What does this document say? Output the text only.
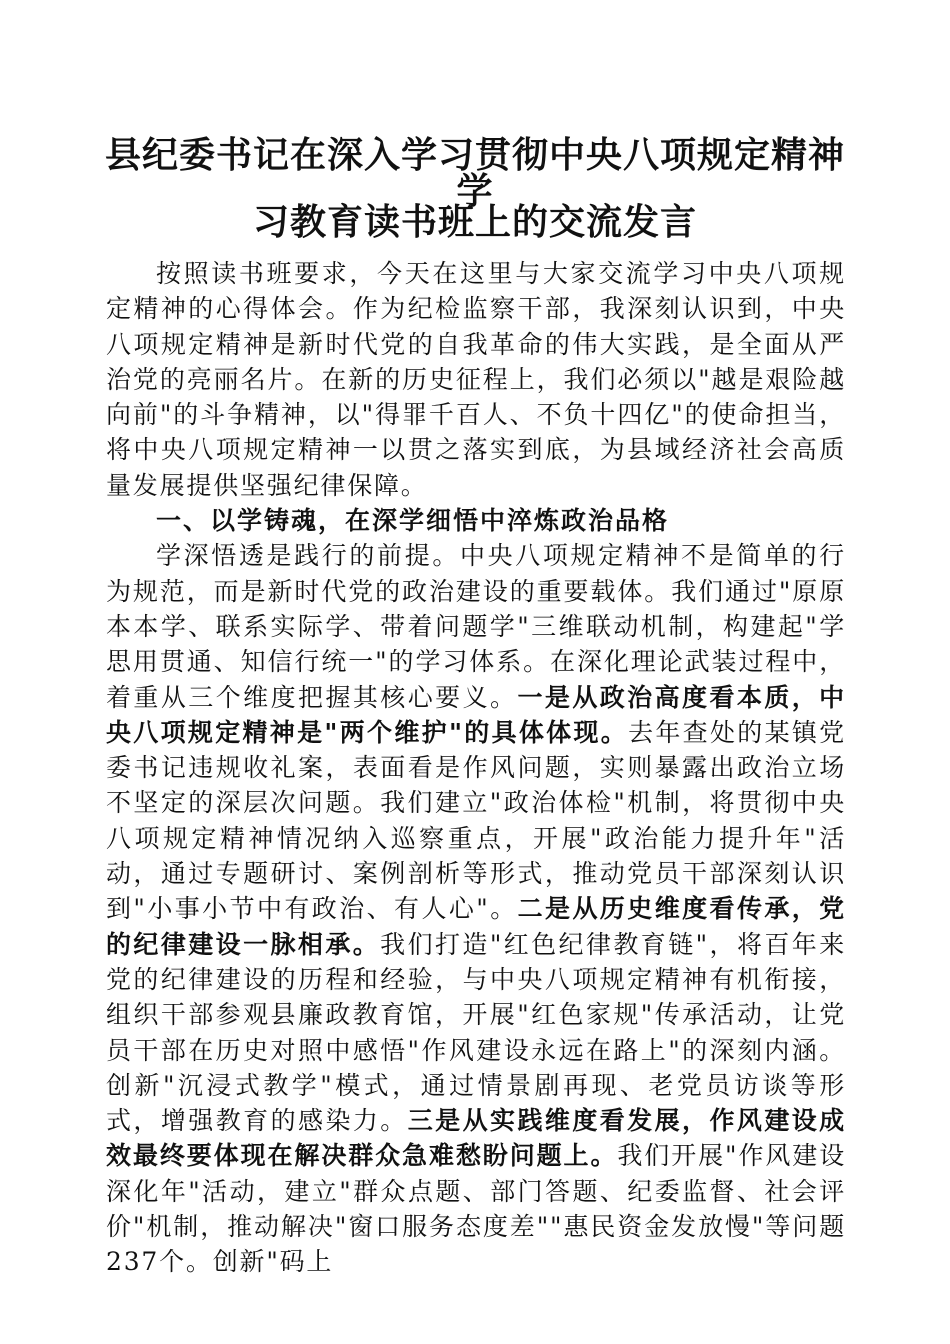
县纪委书记在深入学习贯彻中央八项规定精神学
习教育读书班上的交流发言

按照读书班要求，今天在这里与大家交流学习中央八项规定精神的心得体会。作为纪检监察干部，我深刻认识到，中央八项规定精神是新时代党的自我革命的伟大实践，是全面从严治党的亮丽名片。在新的历史征程上，我们必须以"越是艰险越向前"的斗争精神，以"得罪千百人、不负十四亿"的使命担当，将中央八项规定精神一以贯之落实到底，为县域经济社会高质量发展提供坚强纪律保障。

一、以学铸魂，在深学细悟中淬炼政治品格

学深悟透是践行的前提。中央八项规定精神不是简单的行为规范，而是新时代党的政治建设的重要载体。我们通过"原原本本学、联系实际学、带着问题学"三维联动机制，构建起"学思用贯通、知信行统一"的学习体系。在深化理论武装过程中，着重从三个维度把握其核心要义。一是从政治高度看本质，中央八项规定精神是"两个维护"的具体体现。去年查处的某镇党委书记违规收礼案，表面看是作风问题，实则暴露出政治立场不坚定的深层次问题。我们建立"政治体检"机制，将贯彻中央八项规定精神情况纳入巡察重点，开展"政治能力提升年"活动，通过专题研讨、案例剖析等形式，推动党员干部深刻认识到"小事小节中有政治、有人心"。二是从历史维度看传承，党的纪律建设一脉相承。我们打造"红色纪律教育链"，将百年来党的纪律建设的历程和经验，与中央八项规定精神有机衔接，组织干部参观县廉政教育馆，开展"红色家规"传承活动，让党员干部在历史对照中感悟"作风建设永远在路上"的深刻内涵。创新"沉浸式教学"模式，通过情景剧再现、老党员访谈等形式，增强教育的感染力。三是从实践维度看发展，作风建设成效最终要体现在解决群众急难愁盼问题上。我们开展"作风建设深化年"活动，建立"群众点题、部门答题、纪委监督、社会评价"机制，推动解决"窗口服务态度差""惠民资金发放慢"等问题237个。创新"码上
